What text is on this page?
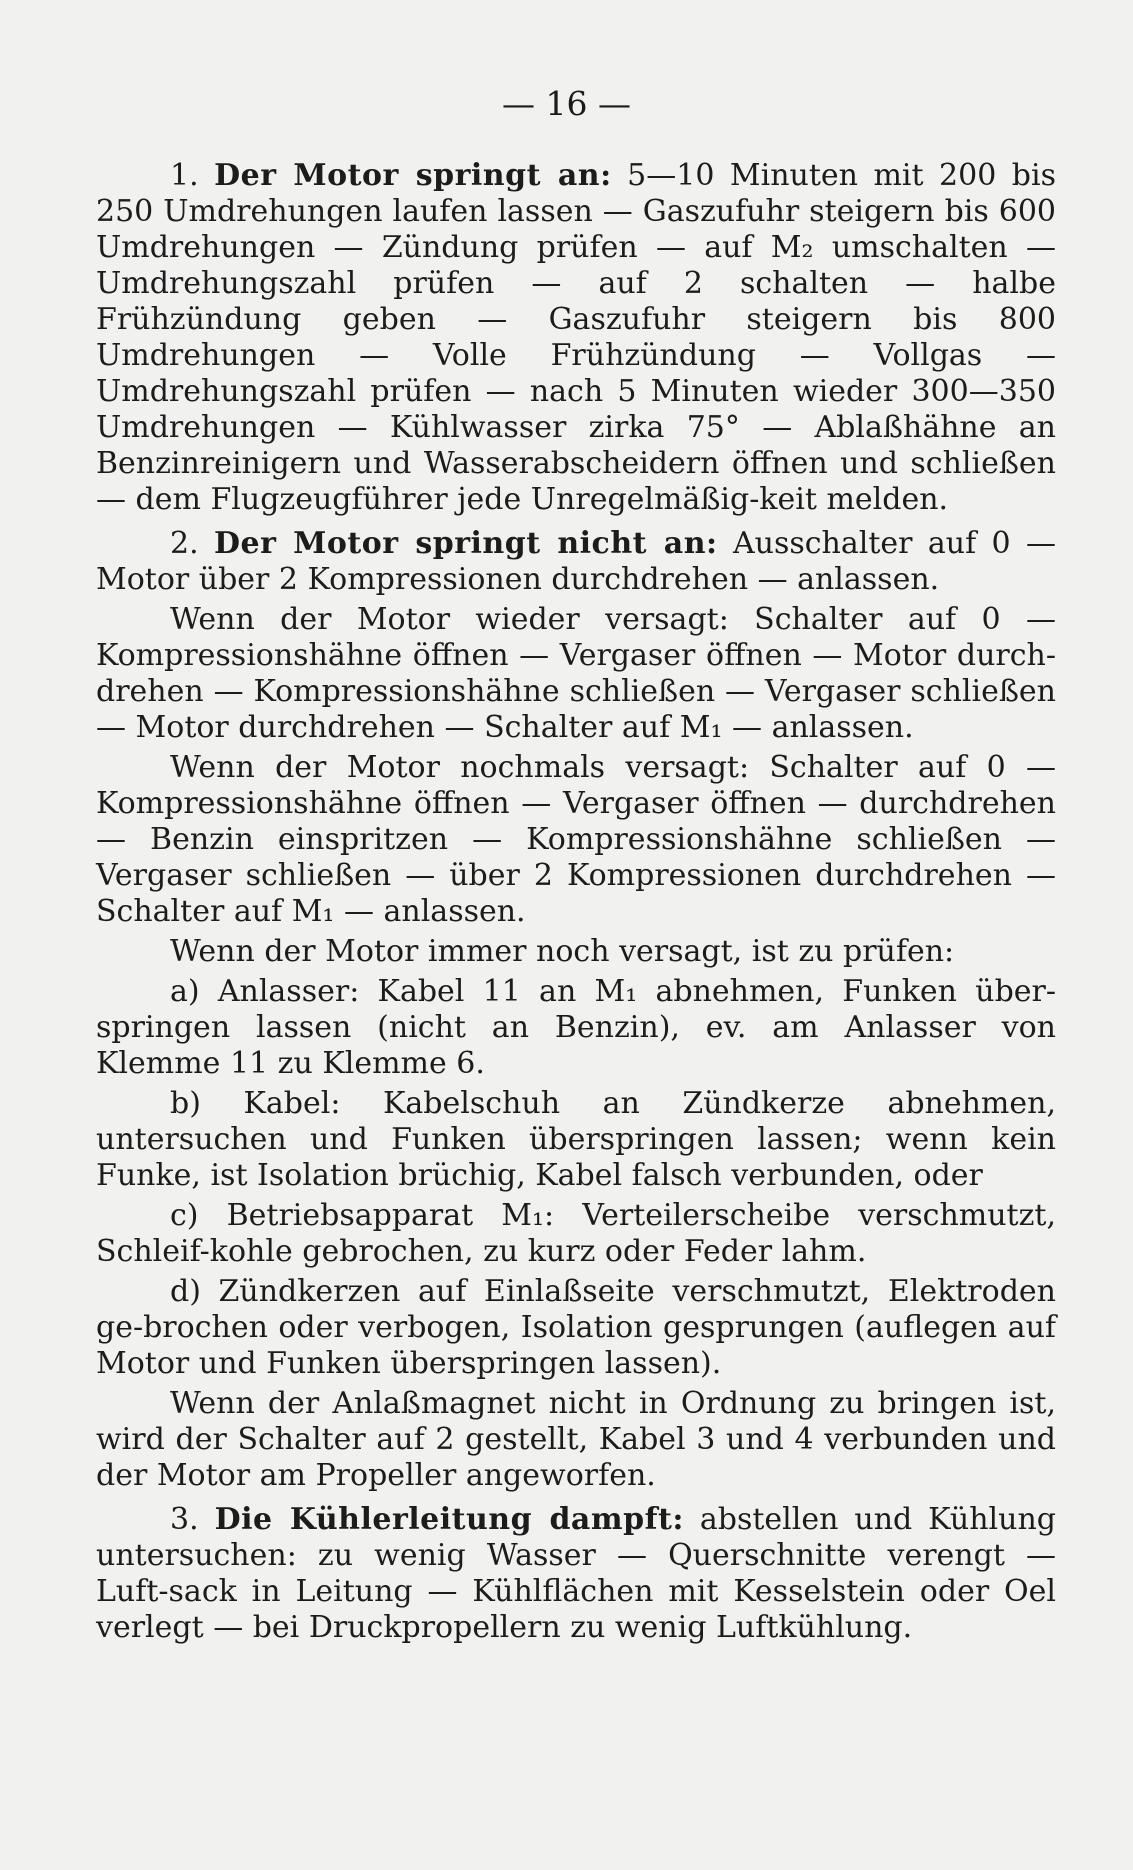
— 16 —

1. Der Motor springt an: 5—10 Minuten mit 200 bis 250 Umdrehungen laufen lassen — Gaszufuhr steigern bis 600 Umdrehungen — Zündung prüfen — auf M₂ umschalten — Umdrehungszahl prüfen — auf 2 schalten — halbe Frühzündung geben — Gaszufuhr steigern bis 800 Umdrehungen — Volle Frühzündung — Vollgas — Umdrehungszahl prüfen — nach 5 Minuten wieder 300—350 Umdrehungen — Kühlwasser zirka 75° — Ablaßhähne an Benzinreinigern und Wasserabscheidern öffnen und schließen — dem Flugzeugführer jede Unregelmäßig-keit melden.

2. Der Motor springt nicht an: Ausschalter auf 0 — Motor über 2 Kompressionen durchdrehen — anlassen.

Wenn der Motor wieder versagt: Schalter auf 0 — Kompressionshähne öffnen — Vergaser öffnen — Motor durch-drehen — Kompressionshähne schließen — Vergaser schließen — Motor durchdrehen — Schalter auf M₁ — anlassen.

Wenn der Motor nochmals versagt: Schalter auf 0 — Kompressionshähne öffnen — Vergaser öffnen — durchdrehen — Benzin einspritzen — Kompressionshähne schließen — Vergaser schließen — über 2 Kompressionen durchdrehen — Schalter auf M₁ — anlassen.

Wenn der Motor immer noch versagt, ist zu prüfen:

a) Anlasser: Kabel 11 an M₁ abnehmen, Funken über-springen lassen (nicht an Benzin), ev. am Anlasser von Klemme 11 zu Klemme 6.

b) Kabel: Kabelschuh an Zündkerze abnehmen, untersuchen und Funken überspringen lassen; wenn kein Funke, ist Isolation brüchig, Kabel falsch verbunden, oder

c) Betriebsapparat M₁: Verteilerscheibe verschmutzt, Schleif-kohle gebrochen, zu kurz oder Feder lahm.

d) Zündkerzen auf Einlaßseite verschmutzt, Elektroden ge-brochen oder verbogen, Isolation gesprungen (auflegen auf Motor und Funken überspringen lassen).

Wenn der Anlaßmagnet nicht in Ordnung zu bringen ist, wird der Schalter auf 2 gestellt, Kabel 3 und 4 verbunden und der Motor am Propeller angeworfen.

3. Die Kühlerleitung dampft: abstellen und Kühlung untersuchen: zu wenig Wasser — Querschnitte verengt — Luft-sack in Leitung — Kühlflächen mit Kesselstein oder Oel verlegt — bei Druckpropellern zu wenig Luftkühlung.
